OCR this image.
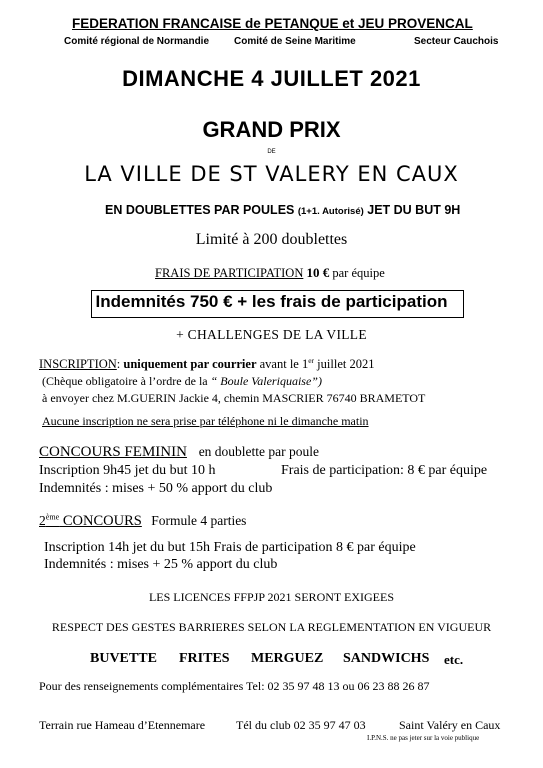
FEDERATION FRANCAISE de PETANQUE et JEU PROVENCAL
Comité régional de Normandie Comité de Seine Maritime	Secteur Cauchois
DIMANCHE 4 JUILLET 2021
GRAND PRIX
DE
LA VILLE DE ST VALERY EN CAUX
EN DOUBLETTES PAR POULES (1+1. Autorisé) JET DU BUT 9H
Limité à 200 doublettes
FRAIS DE PARTICIPATION 10 € par équipe
Indemnités 750 € + les frais de participation
+ CHALLENGES DE LA VILLE
INSCRIPTION: uniquement par courrier avant le 1er juillet 2021
(Chèque obligatoire à l’ordre de la “ Boule Valeriquaise”)
à envoyer chez M.GUERIN Jackie 4, chemin MASCRIER 76740 BRAMETOT
Aucune inscription ne sera prise par téléphone ni le dimanche matin
CONCOURS FEMININ en doublette par poule
Inscription 9h45 jet du but 10 h	Frais de participation: 8 € par équipe
Indemnités : mises + 50 % apport du club
2ème CONCOURS Formule 4 parties
Inscription 14h jet du but 15h Frais de participation 8 € par équipe
Indemnités : mises + 25 % apport du club
LES LICENCES FFPJP 2021 SERONT EXIGEES
RESPECT DES GESTES BARRIERES SELON LA REGLEMENTATION EN VIGUEUR
BUVETTE FRITES MERGUEZ SANDWICHS etc.
Pour des renseignements complémentaires Tel: 02 35 97 48 13 ou 06 23 88 26 87
Terrain rue Hameau d’Etennemare	Tél du club 02 35 97 47 03	Saint Valéry en Caux
I.P.N.S. ne pas jeter sur la voie publique
